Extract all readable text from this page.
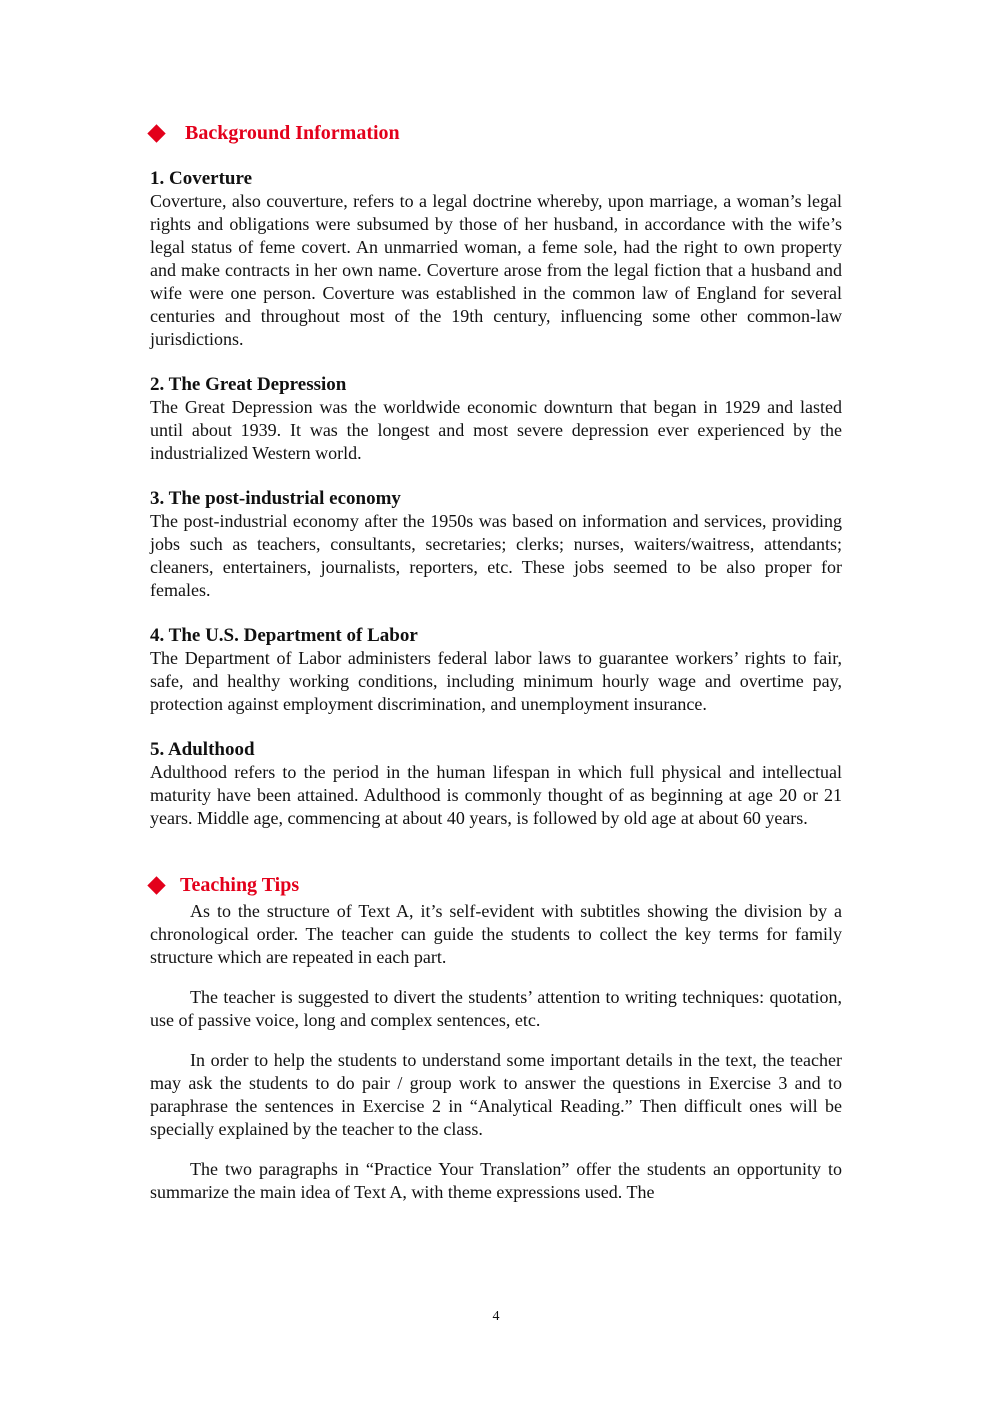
Background Information
1. Coverture

Coverture, also couverture, refers to a legal doctrine whereby, upon marriage, a woman’s legal rights and obligations were subsumed by those of her husband, in accordance with the wife’s legal status of feme covert. An unmarried woman, a feme sole, had the right to own property and make contracts in her own name. Coverture arose from the legal fiction that a husband and wife were one person. Coverture was established in the common law of England for several centuries and throughout most of the 19th century, influencing some other common-law jurisdictions.

2. The Great Depression

The Great Depression was the worldwide economic downturn that began in 1929 and lasted until about 1939. It was the longest and most severe depression ever experienced by the industrialized Western world.

3. The post-industrial economy

The post-industrial economy after the 1950s was based on information and services, providing jobs such as teachers, consultants, secretaries; clerks; nurses, waiters/waitress, attendants; cleaners, entertainers, journalists, reporters, etc. These jobs seemed to be also proper for females.

4. The U.S. Department of Labor

The Department of Labor administers federal labor laws to guarantee workers’ rights to fair, safe, and healthy working conditions, including minimum hourly wage and overtime pay, protection against employment discrimination, and unemployment insurance.

5. Adulthood

Adulthood refers to the period in the human lifespan in which full physical and intellectual maturity have been attained. Adulthood is commonly thought of as beginning at age 20 or 21 years. Middle age, commencing at about 40 years, is followed by old age at about 60 years.

Teaching Tips

As to the structure of Text A, it’s self-evident with subtitles showing the division by a chronological order. The teacher can guide the students to collect the key terms for family structure which are repeated in each part.

The teacher is suggested to divert the students’ attention to writing techniques: quotation, use of passive voice, long and complex sentences, etc.

In order to help the students to understand some important details in the text, the teacher may ask the students to do pair / group work to answer the questions in Exercise 3 and to paraphrase the sentences in Exercise 2 in “Analytical Reading.” Then difficult ones will be specially explained by the teacher to the class.

The two paragraphs in “Practice Your Translation” offer the students an opportunity to summarize the main idea of Text A, with theme expressions used. The

4
